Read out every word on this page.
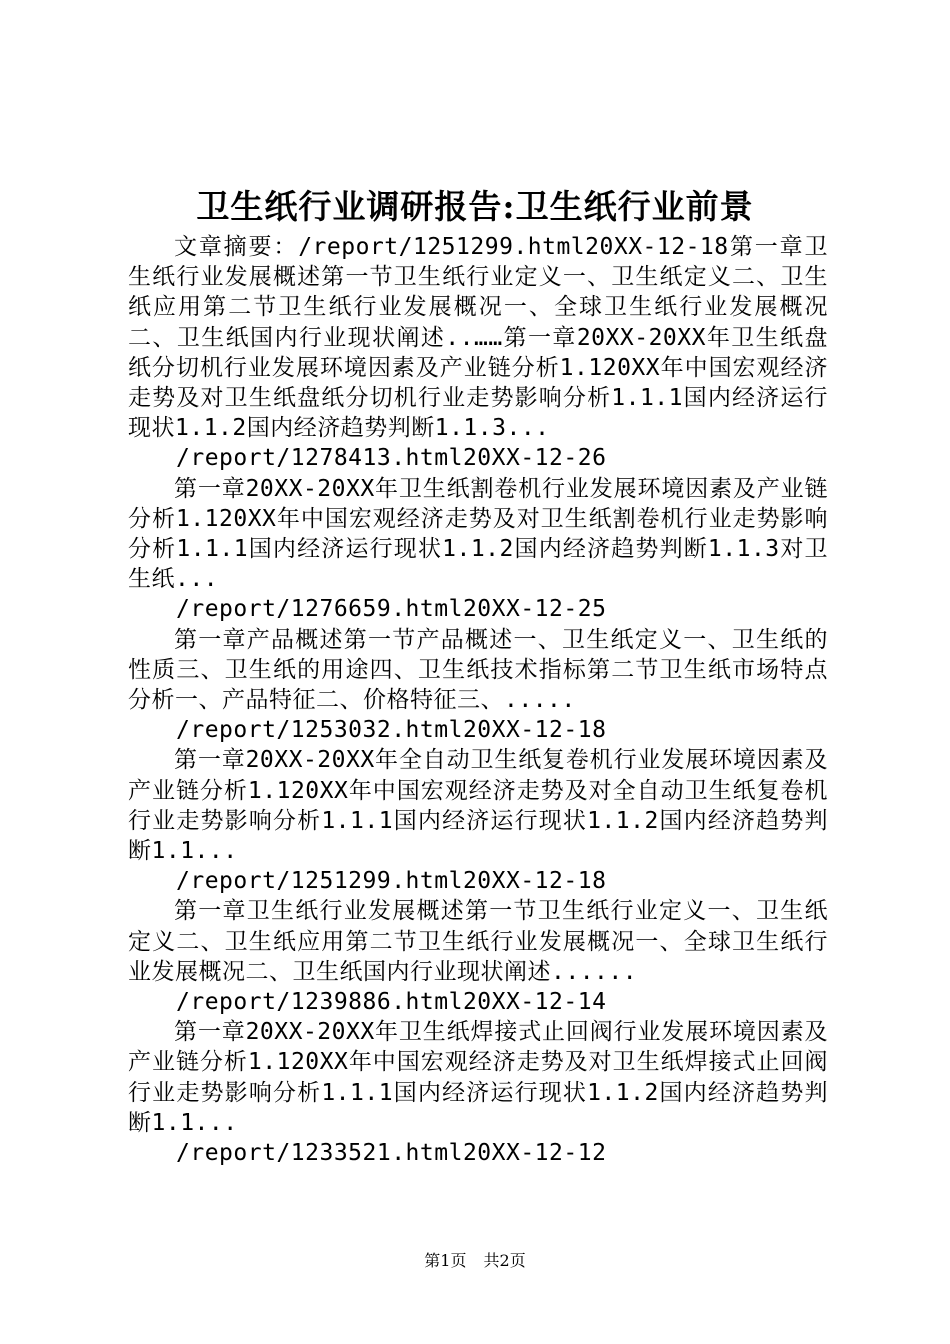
卫生纸行业调研报告:卫生纸行业前景

文章摘要：/report/1251299.html20XX-12-18第一章卫生纸行业发展概述第一节卫生纸行业定义一、卫生纸定义二、卫生纸应用第二节卫生纸行业发展概况一、全球卫生纸行业发展概况二、卫生纸国内行业现状阐述..……第一章20XX-20XX年卫生纸盘纸分切机行业发展环境因素及产业链分析1.120XX年中国宏观经济走势及对卫生纸盘纸分切机行业走势影响分析1.1.1国内经济运行现状1.1.2国内经济趋势判断1.1.3...

/report/1278413.html20XX-12-26

第一章20XX-20XX年卫生纸割卷机行业发展环境因素及产业链分析1.120XX年中国宏观经济走势及对卫生纸割卷机行业走势影响分析1.1.1国内经济运行现状1.1.2国内经济趋势判断1.1.3对卫生纸...

/report/1276659.html20XX-12-25

第一章产品概述第一节产品概述一、卫生纸定义一、卫生纸的性质三、卫生纸的用途四、卫生纸技术指标第二节卫生纸市场特点分析一、产品特征二、价格特征三、.....

/report/1253032.html20XX-12-18

第一章20XX-20XX年全自动卫生纸复卷机行业发展环境因素及产业链分析1.120XX年中国宏观经济走势及对全自动卫生纸复卷机行业走势影响分析1.1.1国内经济运行现状1.1.2国内经济趋势判断1.1...

/report/1251299.html20XX-12-18

第一章卫生纸行业发展概述第一节卫生纸行业定义一、卫生纸定义二、卫生纸应用第二节卫生纸行业发展概况一、全球卫生纸行业发展概况二、卫生纸国内行业现状阐述......

/report/1239886.html20XX-12-14

第一章20XX-20XX年卫生纸焊接式止回阀行业发展环境因素及产业链分析1.120XX年中国宏观经济走势及对卫生纸焊接式止回阀行业走势影响分析1.1.1国内经济运行现状1.1.2国内经济趋势判断1.1...

/report/1233521.html20XX-12-12

第1页 共2页
